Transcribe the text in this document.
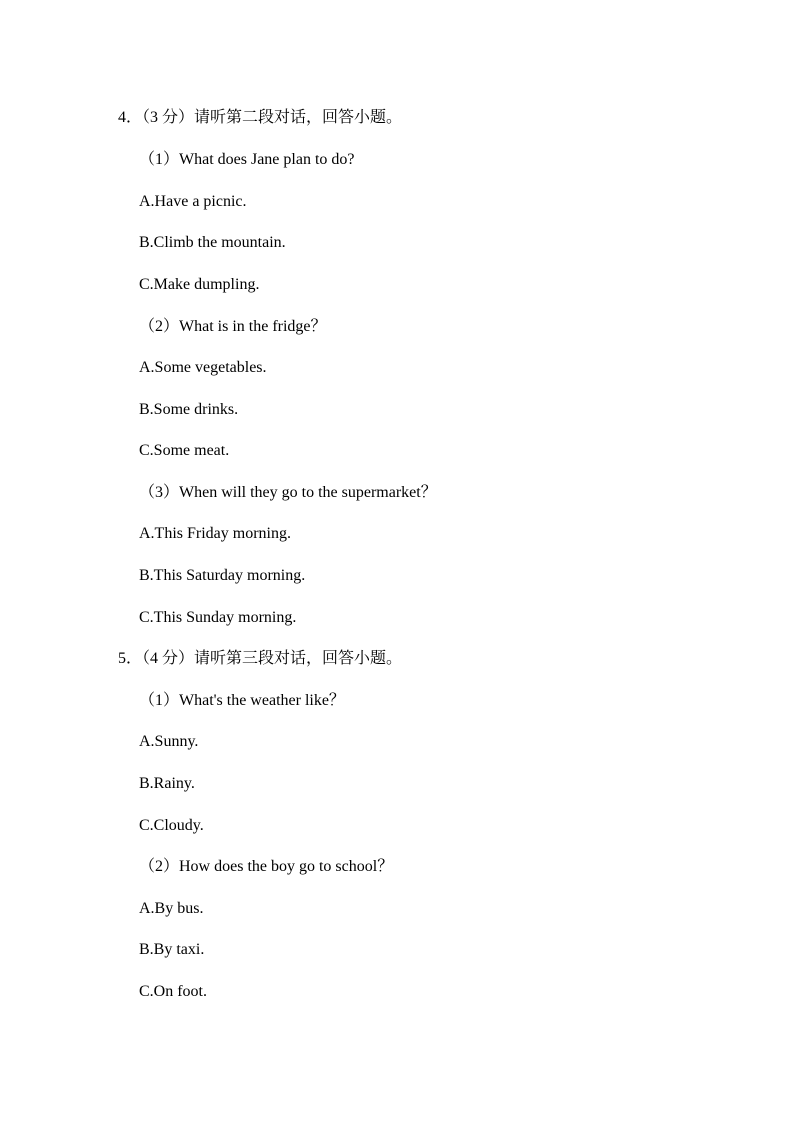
4．（3 分）请听第二段对话，回答小题。
（1）What does Jane plan to do?
A.Have a picnic.
B.Climb the mountain.
C.Make dumpling.
（2）What is in the fridge？
A.Some vegetables.
B.Some drinks.
C.Some meat.
（3）When will they go to the supermarket？
A.This Friday morning.
B.This Saturday morning.
C.This Sunday morning.
5．（4 分）请听第三段对话，回答小题。
（1）What's the weather like？
A.Sunny.
B.Rainy.
C.Cloudy.
（2）How does the boy go to school？
A.By bus.
B.By taxi.
C.On foot.
